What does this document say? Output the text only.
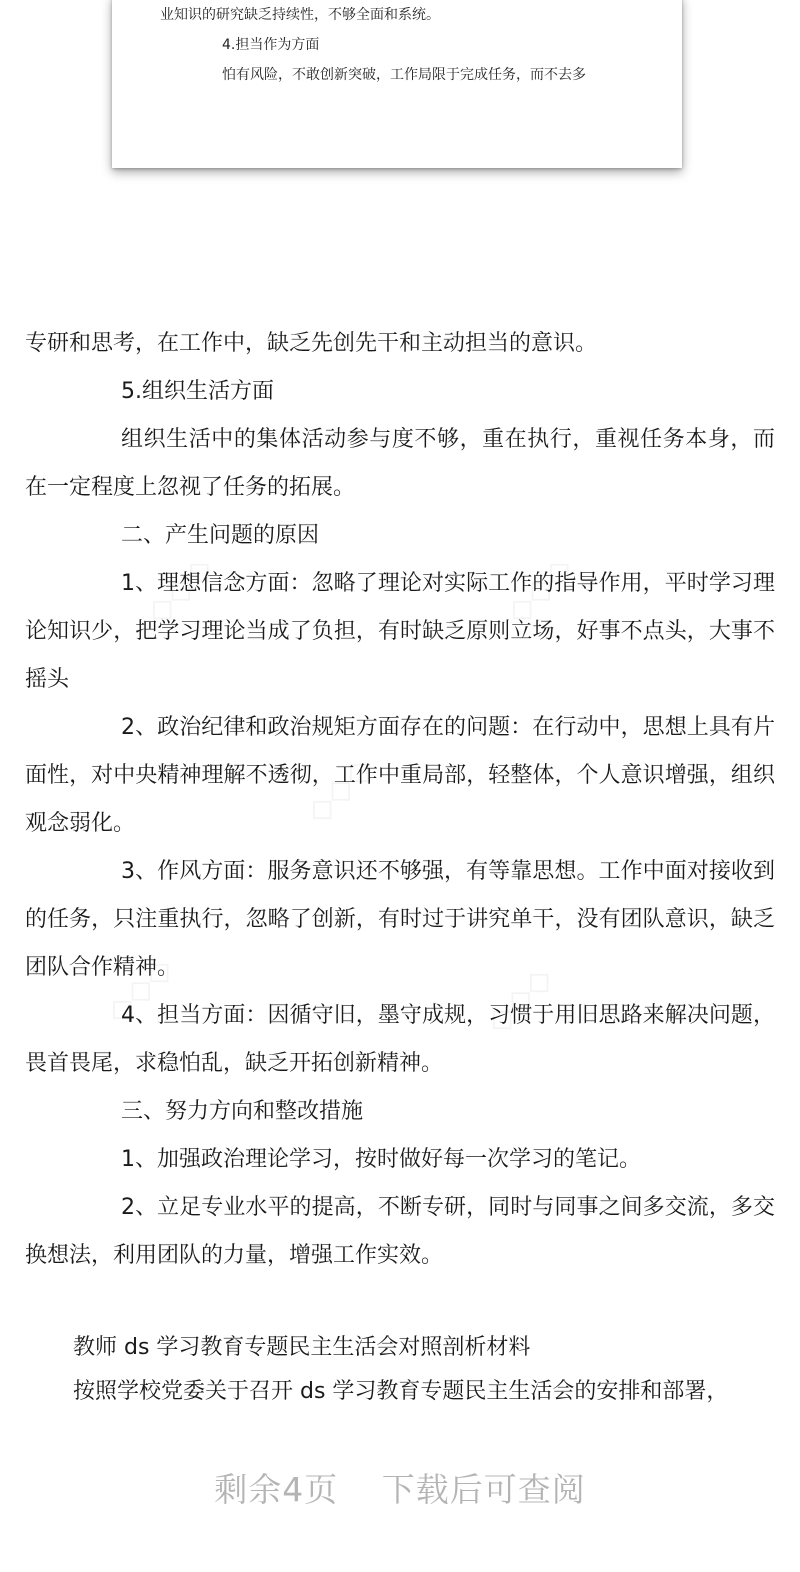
业知识的研究缺乏持续性，不够全面和系统。
4.担当作为方面
怕有风险，不敢创新突破，工作局限于完成任务，而不去多

专研和思考，在工作中，缺乏先创先干和主动担当的意识。

5.组织生活方面

组织生活中的集体活动参与度不够，重在执行，重视任务本身，而在一定程度上忽视了任务的拓展。

二、产生问题的原因

1、理想信念方面：忽略了理论对实际工作的指导作用，平时学习理论知识少，把学习理论当成了负担，有时缺乏原则立场，好事不点头，大事不摇头

2、政治纪律和政治规矩方面存在的问题：在行动中，思想上具有片面性，对中央精神理解不透彻，工作中重局部，轻整体，个人意识增强，组织观念弱化。

3、作风方面：服务意识还不够强，有等靠思想。工作中面对接收到的任务，只注重执行，忽略了创新，有时过于讲究单干，没有团队意识，缺乏团队合作精神。

4、担当方面：因循守旧，墨守成规，习惯于用旧思路来解决问题，畏首畏尾，求稳怕乱，缺乏开拓创新精神。

三、努力方向和整改措施

1、加强政治理论学习，按时做好每一次学习的笔记。

2、立足专业水平的提高，不断专研，同时与同事之间多交流，多交换想法，利用团队的力量，增强工作实效。

教师 ds 学习教育专题民主生活会对照剖析材料

按照学校党委关于召开 ds 学习教育专题民主生活会的安排和部署，

剩余4页 下载后可查阅
